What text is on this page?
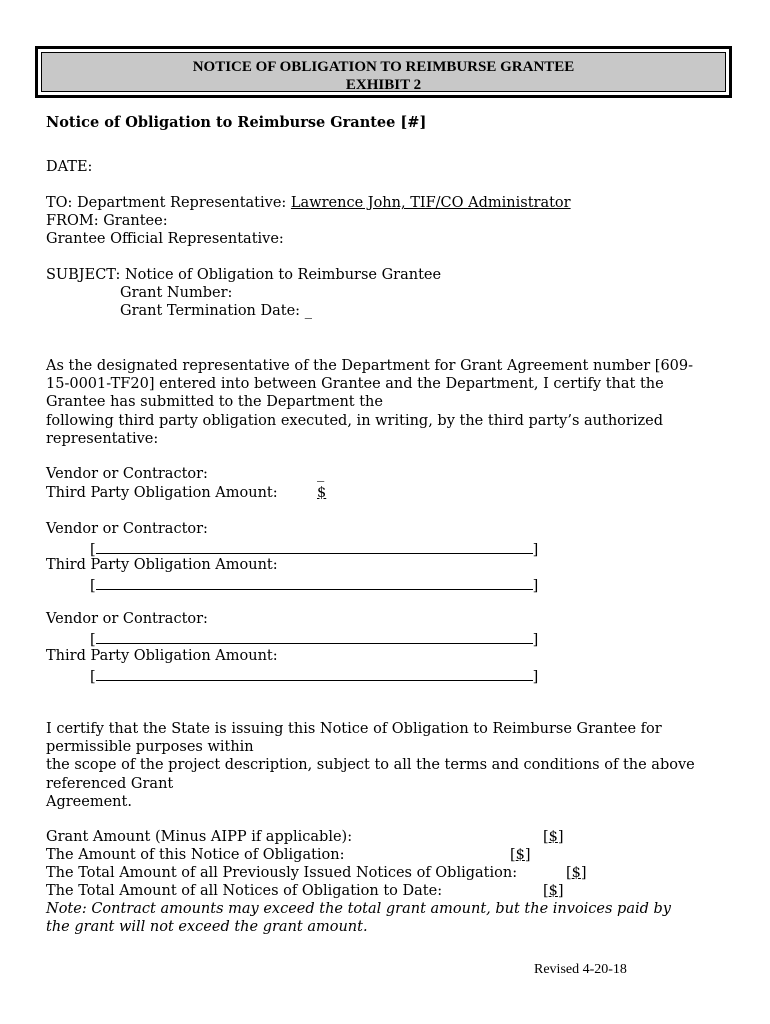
NOTICE OF OBLIGATION TO REIMBURSE GRANTEE
EXHIBIT 2
Notice of Obligation to Reimburse Grantee [#]
DATE:
TO: Department Representative: Lawrence John, TIF/CO Administrator
FROM: Grantee:
Grantee Official Representative:
SUBJECT: Notice of Obligation to Reimburse Grantee
Grant Number:
Grant Termination Date: _
As the designated representative of the Department for Grant Agreement number [609-
15-0001-TF20] entered into between Grantee and the Department, I certify that the
Grantee has submitted to the Department the
following third party obligation executed, in writing, by the third party’s authorized
representative:
Vendor or Contractor:	_
Third Party Obligation Amount:	$
Vendor or Contractor:
[	]
Third Party Obligation Amount:
[	]
Vendor or Contractor:
[	]
Third Party Obligation Amount:
[	]
I certify that the State is issuing this Notice of Obligation to Reimburse Grantee for
permissible purposes within
the scope of the project description, subject to all the terms and conditions of the above
referenced Grant
Agreement.
Grant Amount (Minus AIPP if applicable):	[$]
The Amount of this Notice of Obligation:	[$]
The Total Amount of all Previously Issued Notices of Obligation:	[$]
The Total Amount of all Notices of Obligation to Date:	[$]
Note: Contract amounts may exceed the total grant amount, but the invoices paid by
the grant will not exceed the grant amount.
Revised 4-20-18
